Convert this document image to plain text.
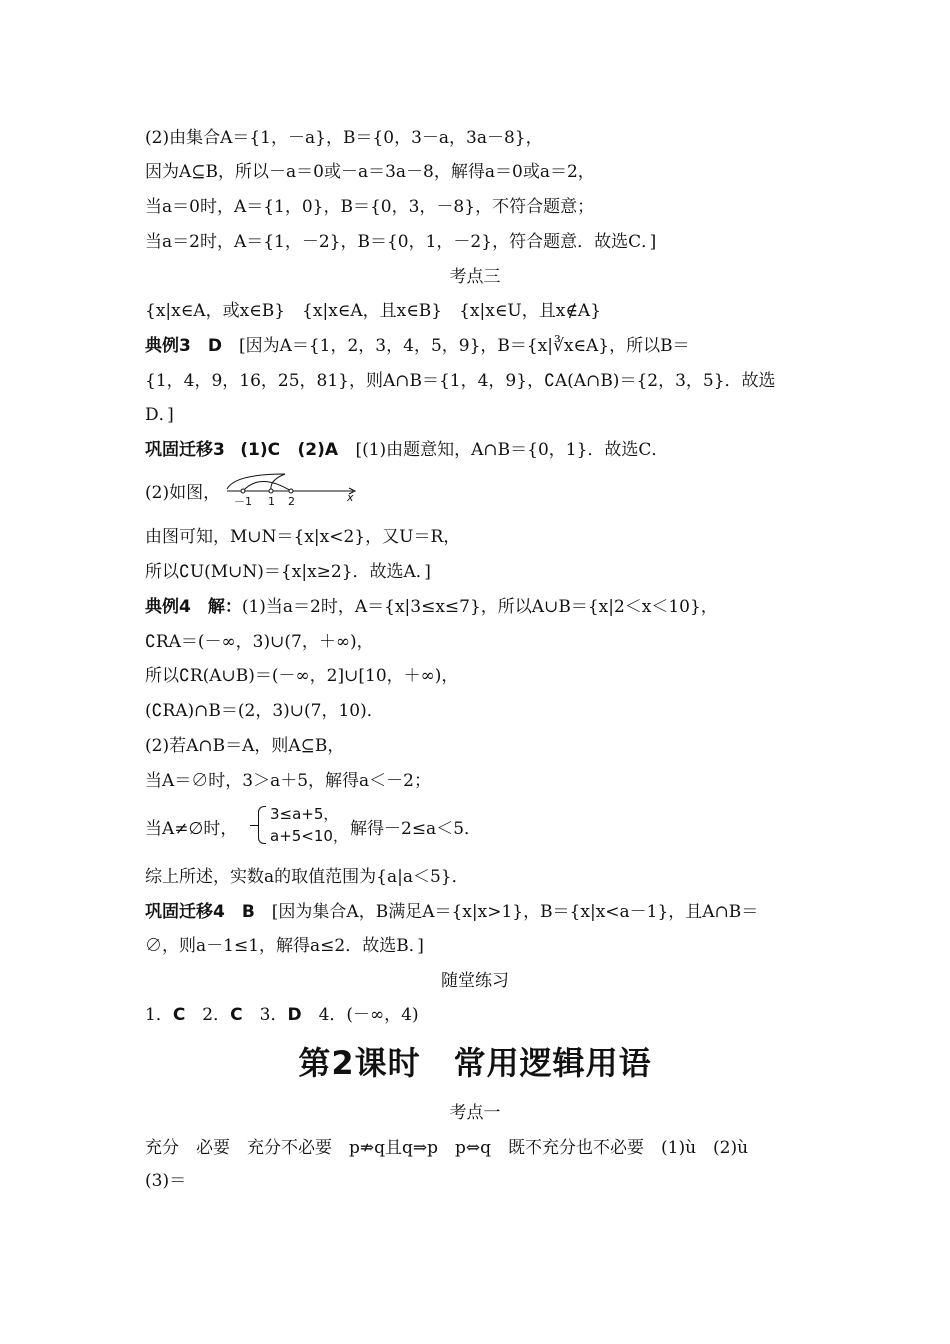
(2)由集合A＝{1，－a}，B＝{0，3－a，3a－8}，
因为A⊆B，所以－a＝0或－a＝3a－8，解得a＝0或a＝2，
当a＝0时，A＝{1，0}，B＝{0，3，－8}，不符合题意；
当a＝2时，A＝{1，－2}，B＝{0，1，－2}，符合题意．故选C．]
考点三
{x|x∈A，或x∈B}　{x|x∈A，且x∈B}　{x|x∈U，且x∉A}
典例3　D　[因为A＝{1，2，3，4，5，9}，B＝{x|∛x∈A}，所以B＝
{1，4，9，16，25，81}，则A∩B＝{1，4，9}，∁A(A∩B)＝{2，3，5}．故选
D．]
巩固迁移3 (1)C (2)A [(1)由题意知，A∩B＝{0，1}．故选C．
(2)如图， －1 1 2	x
由图可知，M∪N＝{x|x<2}，又U＝R，
所以∁U(M∪N)＝{x|x≥2}．故选A．]
典例4　解：(1)当a＝2时，A＝{x|3≤x≤7}，所以A∪B＝{x|2＜x＜10}，
∁RA＝(－∞，3)∪(7，＋∞)，
所以∁R(A∪B)＝(－∞，2]∪[10，＋∞)，
(∁RA)∩B＝(2，3)∪(7，10)．
(2)若A∩B＝A，则A⊆B，
当A＝∅时，3＞a＋5，解得a＜－2；
当A≠∅时，
3≤a+5，
a+5<10， 解得－2≤a＜5．
综上所述，实数a的取值范围为{a|a＜5}．
巩固迁移4　B　[因为集合A，B满足A＝{x|x>1}，B＝{x|x<a－1}，且A∩B＝
∅，则a－1≤1，解得a≤2．故选B．]
随堂练习
1．C　2．C　3．D　4．(－∞，4)
第2课时　常用逻辑用语
考点一
充分　必要　充分不必要　p⇏q且q⇒p　p⇔q　既不充分也不必要　(1)ù　(2)ù
(3)＝
